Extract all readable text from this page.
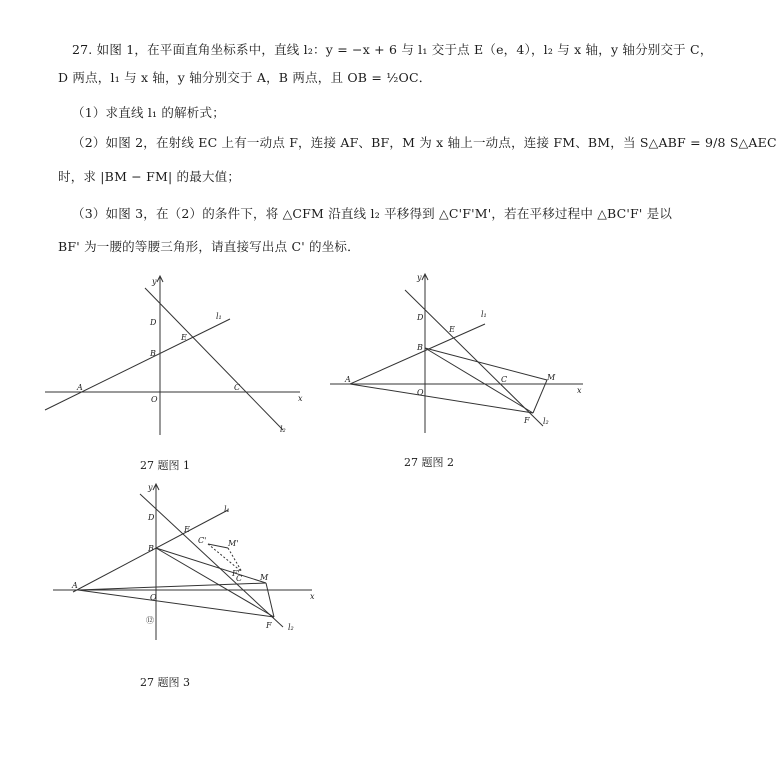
27. 如图 1，在平面直角坐标系中，直线 l₂：y = −x + 6 与 l₁ 交于点 E（e，4），l₂ 与 x 轴，y 轴分别交于 C，
D 两点，l₁ 与 x 轴，y 轴分别交于 A，B 两点，且 OB = ½OC．
（1）求直线 l₁ 的解析式；
（2）如图 2，在射线 EC 上有一动点 F，连接 AF、BF，M 为 x 轴上一动点，连接 FM、BM，当 S△ABF = 9/8 S△AEC
时，求 |BM − FM| 的最大值；
（3）如图 3，在（2）的条件下，将 △CFM 沿直线 l₂ 平移得到 △C'F'M'，若在平移过程中 △BC'F' 是以
BF' 为一腰的等腰三角形，请直接写出点 C' 的坐标．
y
x
O
A
B
C
D
E
l₁
l₂
27 题图 1
y
x
O
A
B
C
D
E
F
M
l₁
l₂
27 题图 2
y
x
O
A
B
C
D
E
F
M
C'
F'
M'
l₁
l₂
⑫
27 题图 3
